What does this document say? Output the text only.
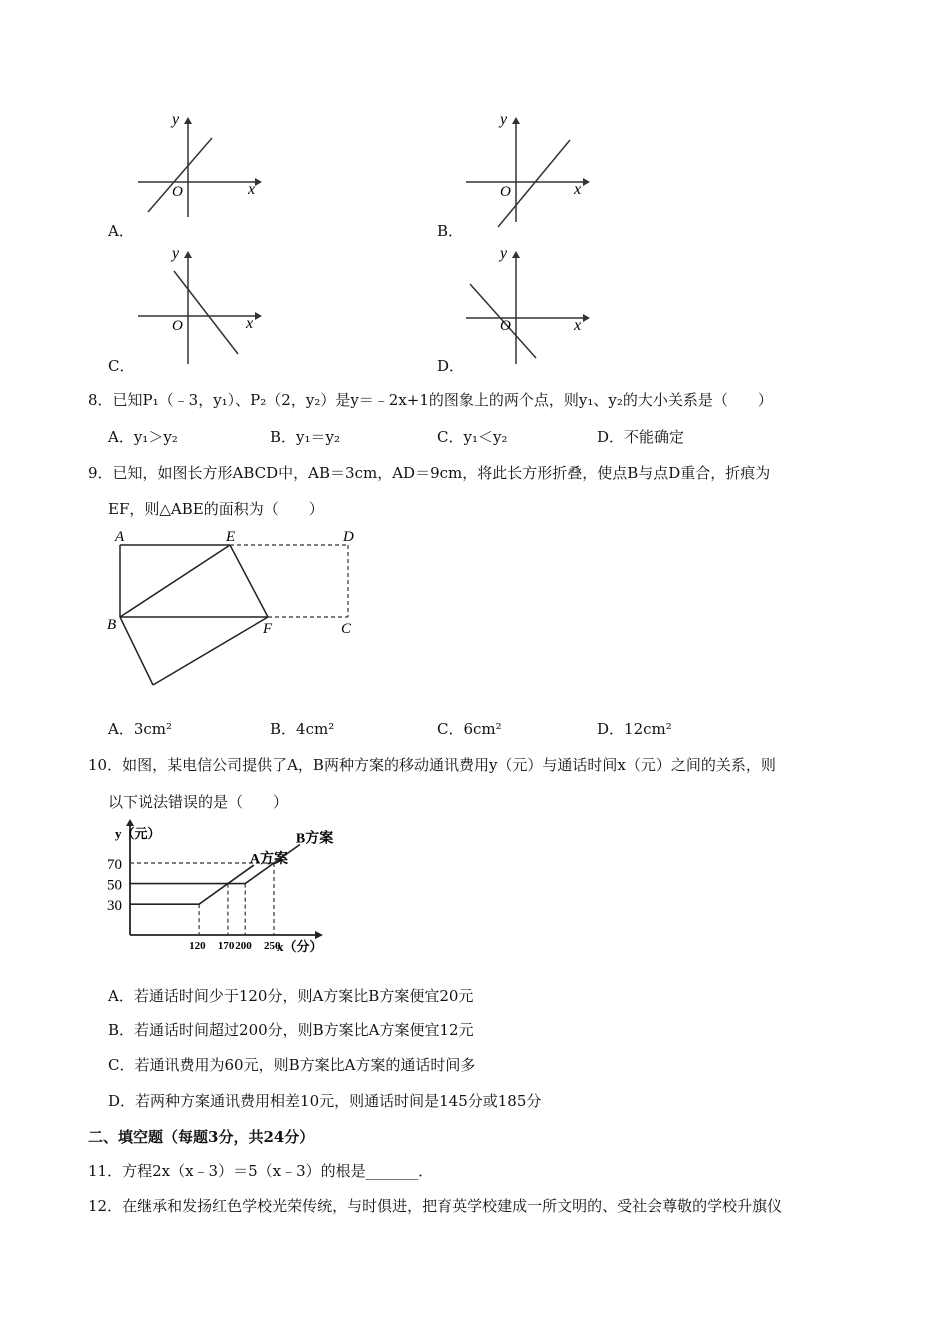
y
x
O
A．
y
x
O
B．
y
x
O
C．
y
x
O
D．
8．已知P₁（﹣3，y₁）、P₂（2，y₂）是y＝﹣2x+1的图象上的两个点，则y₁、y₂的大小关系是（　　）
A．y₁＞y₂	B．y₁＝y₂	C．y₁＜y₂	D．不能确定
9．已知，如图长方形ABCD中，AB＝3cm，AD＝9cm，将此长方形折叠，使点B与点D重合，折痕为
EF，则△ABE的面积为（　　）
A	E	D
B	F	C
A．3cm²	B．4cm²	C．6cm²	D．12cm²
10．如图，某电信公司提供了A，B两种方案的移动通讯费用y（元）与通话时间x（元）之间的关系，则
以下说法错误的是（　　）
y（元）
x（分）
A方案
B方案
30
50
70
120 170 200 250
A．若通话时间少于120分，则A方案比B方案便宜20元
B．若通话时间超过200分，则B方案比A方案便宜12元
C．若通讯费用为60元，则B方案比A方案的通话时间多
D．若两种方案通讯费用相差10元，则通话时间是145分或185分
二、填空题（每题3分，共24分）
11．方程2x（x﹣3）＝5（x﹣3）的根是_______．
12．在继承和发扬红色学校光荣传统，与时俱进，把育英学校建成一所文明的、受社会尊敬的学校升旗仪
